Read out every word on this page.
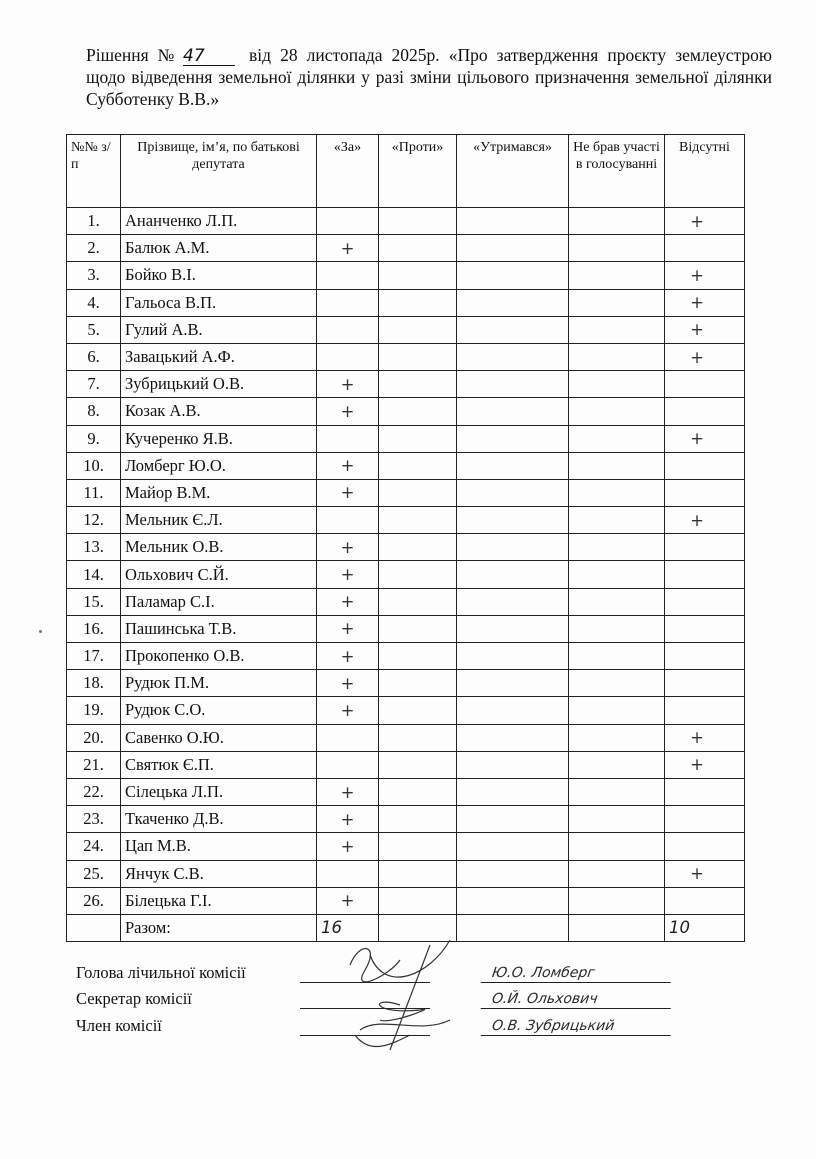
Рішення № 47	від 28 листопада 2025р. «Про затвердження проєкту землеустрою щодо відведення земельної ділянки у разі зміни цільового призначення земельної ділянки Субботенку В.В.»
№№ з/п	Прізвище, ім’я, по батькові депутата	«За»	«Проти»	«Утримався»	Не брав участі в голосуванні	Відсутні
1.	Ананченко Л.П.					+
2.	Балюк А.М.	+				
3.	Бойко В.І.					+
4.	Гальоса В.П.					+
5.	Гулий А.В.					+
6.	Завацький А.Ф.					+
7.	Зубрицький О.В.	+				
8.	Козак А.В.	+				
9.	Кучеренко Я.В.					+
10.	Ломберг Ю.О.	+				
11.	Майор В.М.	+				
12.	Мельник Є.Л.					+
13.	Мельник О.В.	+				
14.	Ольхович С.Й.	+				
15.	Паламар С.І.	+				
16.	Пашинська Т.В.	+				
17.	Прокопенко О.В.	+				
18.	Рудюк П.М.	+				
19.	Рудюк С.О.	+				
20.	Савенко О.Ю.					+
21.	Святюк Є.П.					+
22.	Сілецька Л.П.	+				
23.	Ткаченко Д.В.	+				
24.	Цап М.В.	+				
25.	Янчук С.В.					+
26.	Білецька Г.І.	+				
	Разом:	16				10
Голова лічильної комісії	Ю.О. Ломберг
Секретар комісії	О.Й. Ольхович
Член комісії	О.В. Зубрицький
